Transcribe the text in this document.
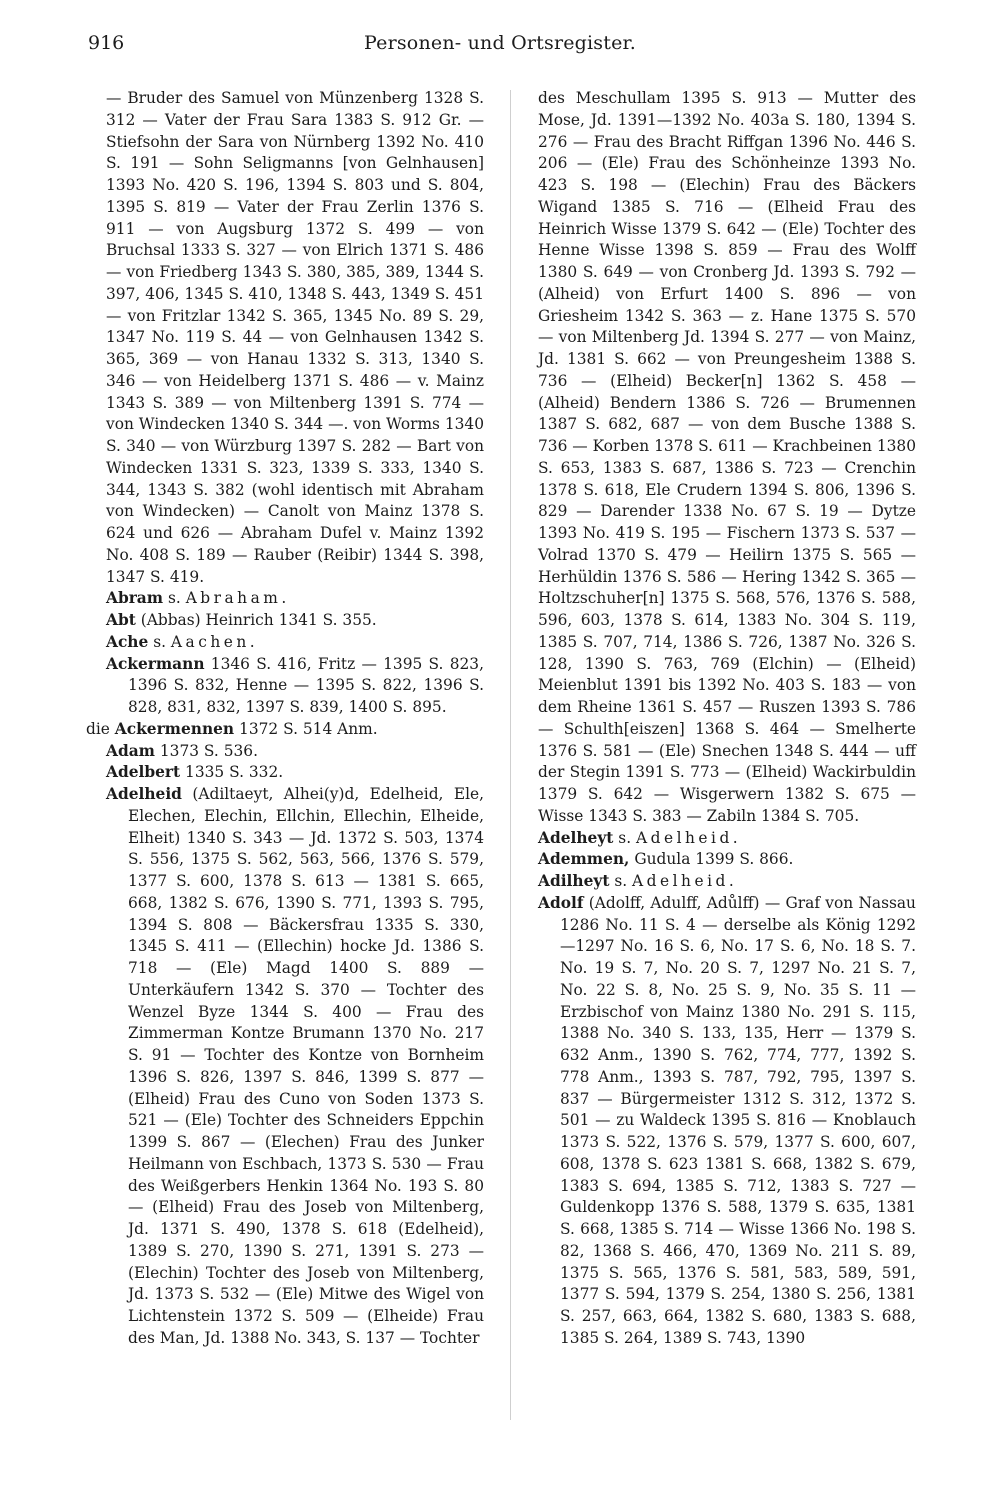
916	Personen- und Ortsregister.

— Bruder des Samuel von Münzenberg 1328 S. 312 — Vater der Frau Sara 1383 S. 912 Gr. — Stiefsohn der Sara von Nürnberg 1392 No. 410 S. 191 — Sohn Seligmanns [von Gelnhausen] 1393 No. 420 S. 196, 1394 S. 803 und S. 804, 1395 S. 819 — Vater der Frau Zerlin 1376 S. 911 — von Augsburg 1372 S. 499 — von Bruchsal 1333 S. 327 — von Elrich 1371 S. 486 — von Friedberg 1343 S. 380, 385, 389, 1344 S. 397, 406, 1345 S. 410, 1348 S. 443, 1349 S. 451 — von Fritzlar 1342 S. 365, 1345 No. 89 S. 29, 1347 No. 119 S. 44 — von Gelnhausen 1342 S. 365, 369 — von Hanau 1332 S. 313, 1340 S. 346 — von Heidelberg 1371 S. 486 — v. Mainz 1343 S. 389 — von Miltenberg 1391 S. 774 — von Windecken 1340 S. 344 —. von Worms 1340 S. 340 — von Würzburg 1397 S. 282 — Bart von Windecken 1331 S. 323, 1339 S. 333, 1340 S. 344, 1343 S. 382 (wohl identisch mit Abraham von Windecken) — Canolt von Mainz 1378 S. 624 und 626 — Abraham Dufel v. Mainz 1392 No. 408 S. 189 — Rauber (Reibir) 1344 S. 398, 1347 S. 419.

Abram s. Abraham.

Abt (Abbas) Heinrich 1341 S. 355.

Ache s. Aachen.

Ackermann 1346 S. 416, Fritz — 1395 S. 823, 1396 S. 832, Henne — 1395 S. 822, 1396 S. 828, 831, 832, 1397 S. 839, 1400 S. 895.

die Ackermennen 1372 S. 514 Anm.

Adam 1373 S. 536.

Adelbert 1335 S. 332.

Adelheid (Adiltaeyt, Alhei(y)d, Edelheid, Ele, Elechen, Elechin, Ellchin, Ellechin, Elheide, Elheit) 1340 S. 343 — Jd. 1372 S. 503, 1374 S. 556, 1375 S. 562, 563, 566, 1376 S. 579, 1377 S. 600, 1378 S. 613 — 1381 S. 665, 668, 1382 S. 676, 1390 S. 771, 1393 S. 795, 1394 S. 808 — Bäckersfrau 1335 S. 330, 1345 S. 411 — (Ellechin) hocke Jd. 1386 S. 718 — (Ele) Magd 1400 S. 889 — Unterkäufern 1342 S. 370 — Tochter des Wenzel Byze 1344 S. 400 — Frau des Zimmerman Kontze Brumann 1370 No. 217 S. 91 — Tochter des Kontze von Bornheim 1396 S. 826, 1397 S. 846, 1399 S. 877 — (Elheid) Frau des Cuno von Soden 1373 S. 521 — (Ele) Tochter des Schneiders Eppchin 1399 S. 867 — (Elechen) Frau des Junker Heilmann von Eschbach, 1373 S. 530 — Frau des Weißgerbers Henkin 1364 No. 193 S. 80 — (Elheid) Frau des Joseb von Miltenberg, Jd. 1371 S. 490, 1378 S. 618 (Edelheid), 1389 S. 270, 1390 S. 271, 1391 S. 273 — (Elechin) Tochter des Joseb von Miltenberg, Jd. 1373 S. 532 — (Ele) Mitwe des Wigel von Lichtenstein 1372 S. 509 — (Elheide) Frau des Man, Jd. 1388 No. 343, S. 137 — Tochter

des Meschullam 1395 S. 913 — Mutter des Mose, Jd. 1391—1392 No. 403a S. 180, 1394 S. 276 — Frau des Bracht Riffgan 1396 No. 446 S. 206 — (Ele) Frau des Schönheinze 1393 No. 423 S. 198 — (Elechin) Frau des Bäckers Wigand 1385 S. 716 — (Elheid Frau des Heinrich Wisse 1379 S. 642 — (Ele) Tochter des Henne Wisse 1398 S. 859 — Frau des Wolff 1380 S. 649 — von Cronberg Jd. 1393 S. 792 — (Alheid) von Erfurt 1400 S. 896 — von Griesheim 1342 S. 363 — z. Hane 1375 S. 570 — von Miltenberg Jd. 1394 S. 277 — von Mainz, Jd. 1381 S. 662 — von Preungesheim 1388 S. 736 — (Elheid) Becker[n] 1362 S. 458 — (Alheid) Bendern 1386 S. 726 — Brumennen 1387 S. 682, 687 — von dem Busche 1388 S. 736 — Korben 1378 S. 611 — Krachbeinen 1380 S. 653, 1383 S. 687, 1386 S. 723 — Crenchin 1378 S. 618, Ele Crudern 1394 S. 806, 1396 S. 829 — Darender 1338 No. 67 S. 19 — Dytze 1393 No. 419 S. 195 — Fischern 1373 S. 537 — Volrad 1370 S. 479 — Heilirn 1375 S. 565 — Herhüldin 1376 S. 586 — Hering 1342 S. 365 — Holtzschuher[n] 1375 S. 568, 576, 1376 S. 588, 596, 603, 1378 S. 614, 1383 No. 304 S. 119, 1385 S. 707, 714, 1386 S. 726, 1387 No. 326 S. 128, 1390 S. 763, 769 (Elchin) — (Elheid) Meienblut 1391 bis 1392 No. 403 S. 183 — von dem Rheine 1361 S. 457 — Ruszen 1393 S. 786 — Schulth[eiszen] 1368 S. 464 — Smelherte 1376 S. 581 — (Ele) Snechen 1348 S. 444 — uff der Stegin 1391 S. 773 — (Elheid) Wackirbuldin 1379 S. 642 — Wisgerwern 1382 S. 675 — Wisse 1343 S. 383 — Zabiln 1384 S. 705.

Adelheyt s. Adelheid.

Ademmen, Gudula 1399 S. 866.

Adilheyt s. Adelheid.

Adolf (Adolff, Adulff, Adůlff) — Graf von Nassau 1286 No. 11 S. 4 — derselbe als König 1292—1297 No. 16 S. 6, No. 17 S. 6, No. 18 S. 7. No. 19 S. 7, No. 20 S. 7, 1297 No. 21 S. 7, No. 22 S. 8, No. 25 S. 9, No. 35 S. 11 — Erzbischof von Mainz 1380 No. 291 S. 115, 1388 No. 340 S. 133, 135, Herr — 1379 S. 632 Anm., 1390 S. 762, 774, 777, 1392 S. 778 Anm., 1393 S. 787, 792, 795, 1397 S. 837 — Bürgermeister 1312 S. 312, 1372 S. 501 — zu Waldeck 1395 S. 816 — Knoblauch 1373 S. 522, 1376 S. 579, 1377 S. 600, 607, 608, 1378 S. 623 1381 S. 668, 1382 S. 679, 1383 S. 694, 1385 S. 712, 1383 S. 727 — Guldenkopp 1376 S. 588, 1379 S. 635, 1381 S. 668, 1385 S. 714 — Wisse 1366 No. 198 S. 82, 1368 S. 466, 470, 1369 No. 211 S. 89, 1375 S. 565, 1376 S. 581, 583, 589, 591, 1377 S. 594, 1379 S. 254, 1380 S. 256, 1381 S. 257, 663, 664, 1382 S. 680, 1383 S. 688, 1385 S. 264, 1389 S. 743, 1390
